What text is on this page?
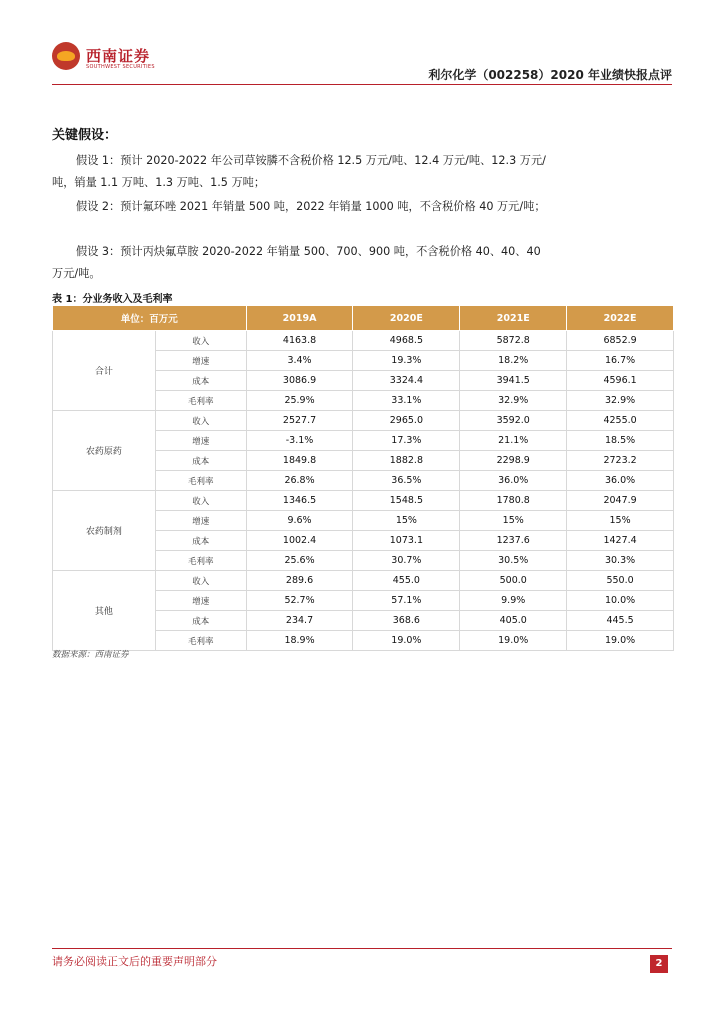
西南证券
SOUTHWEST SECURITIES
利尔化学（002258）2020 年业绩快报点评
关键假设：
假设 1：预计 2020-2022 年公司草铵膦不含税价格 12.5 万元/吨、12.4 万元/吨、12.3 万元/吨，销量 1.1 万吨、1.3 万吨、1.5 万吨；
假设 2：预计氟环唑 2021 年销量 500 吨，2022 年销量 1000 吨，不含税价格 40 万元/吨；
假设 3：预计丙炔氟草胺 2020-2022 年销量 500、700、900 吨，不含税价格 40、40、40 万元/吨。
表 1：分业务收入及毛利率
单位：百万元		2019A	2020E	2021E	2022E
合计	收入	4163.8	4968.5	5872.8	6852.9
	增速	3.4%	19.3%	18.2%	16.7%
	成本	3086.9	3324.4	3941.5	4596.1
	毛利率	25.9%	33.1%	32.9%	32.9%
农药原药	收入	2527.7	2965.0	3592.0	4255.0
	增速	-3.1%	17.3%	21.1%	18.5%
	成本	1849.8	1882.8	2298.9	2723.2
	毛利率	26.8%	36.5%	36.0%	36.0%
农药制剂	收入	1346.5	1548.5	1780.8	2047.9
	增速	9.6%	15%	15%	15%
	成本	1002.4	1073.1	1237.6	1427.4
	毛利率	25.6%	30.7%	30.5%	30.3%
其他	收入	289.6	455.0	500.0	550.0
	增速	52.7%	57.1%	9.9%	10.0%
	成本	234.7	368.6	405.0	445.5
	毛利率	18.9%	19.0%	19.0%	19.0%
数据来源：西南证券
请务必阅读正文后的重要声明部分	2
